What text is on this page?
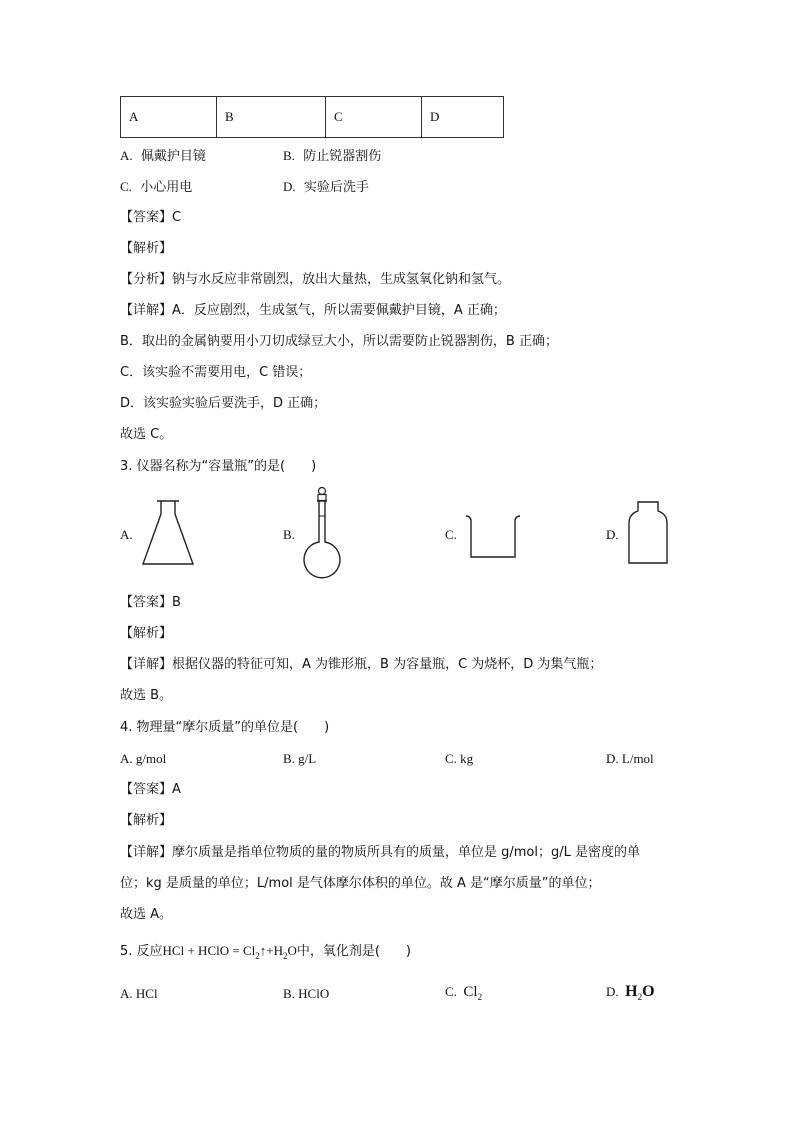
A	B	C	D
A. 佩戴护目镜	B. 防止锐器割伤
C. 小心用电	D. 实验后洗手
【答案】C
【解析】
【分析】钠与水反应非常剧烈，放出大量热，生成氢氧化钠和氢气。
【详解】A．反应剧烈，生成氢气，所以需要佩戴护目镜，A 正确；
B．取出的金属钠要用小刀切成绿豆大小，所以需要防止锐器割伤，B 正确；
C．该实验不需要用电，C 错误；
D．该实验实验后要洗手，D 正确；
故选 C。
3. 仪器名称为“容量瓶”的是(　　)
A.	B.	C.	D.
【答案】B
【解析】
【详解】根据仪器的特征可知，A 为锥形瓶，B 为容量瓶，C 为烧杯，D 为集气瓶；
故选 B。
4. 物理量“摩尔质量”的单位是(　　)
A. g/mol	B. g/L	C. kg	D. L/mol
【答案】A
【解析】
【详解】摩尔质量是指单位物质的量的物质所具有的质量，单位是 g/mol；g/L 是密度的单
位；kg 是质量的单位；L/mol 是气体摩尔体积的单位。故 A 是“摩尔质量”的单位；
故选 A。
5. 反应HCl + HClO = $Cl_2↑+H_2O$中，氧化剂是(　　)
A. HCl	B. HClO	C. $Cl_2$	D. $H_2O$
